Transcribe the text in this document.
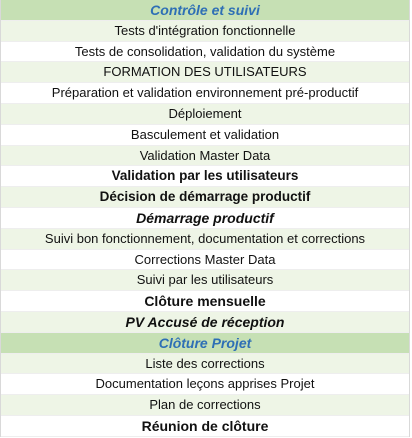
Contrôle et suivi
Tests d'intégration fonctionnelle
Tests de consolidation, validation du système
FORMATION DES UTILISATEURS
Préparation et validation environnement pré-productif
Déploiement
Basculement et validation
Validation Master Data
Validation par les utilisateurs
Décision de démarrage productif
Démarrage productif
Suivi bon fonctionnement, documentation et corrections
Corrections Master Data
Suivi par les utilisateurs
Clôture mensuelle
PV Accusé de réception
Clôture Projet
Liste des corrections
Documentation leçons apprises Projet
Plan de corrections
Réunion de clôture
